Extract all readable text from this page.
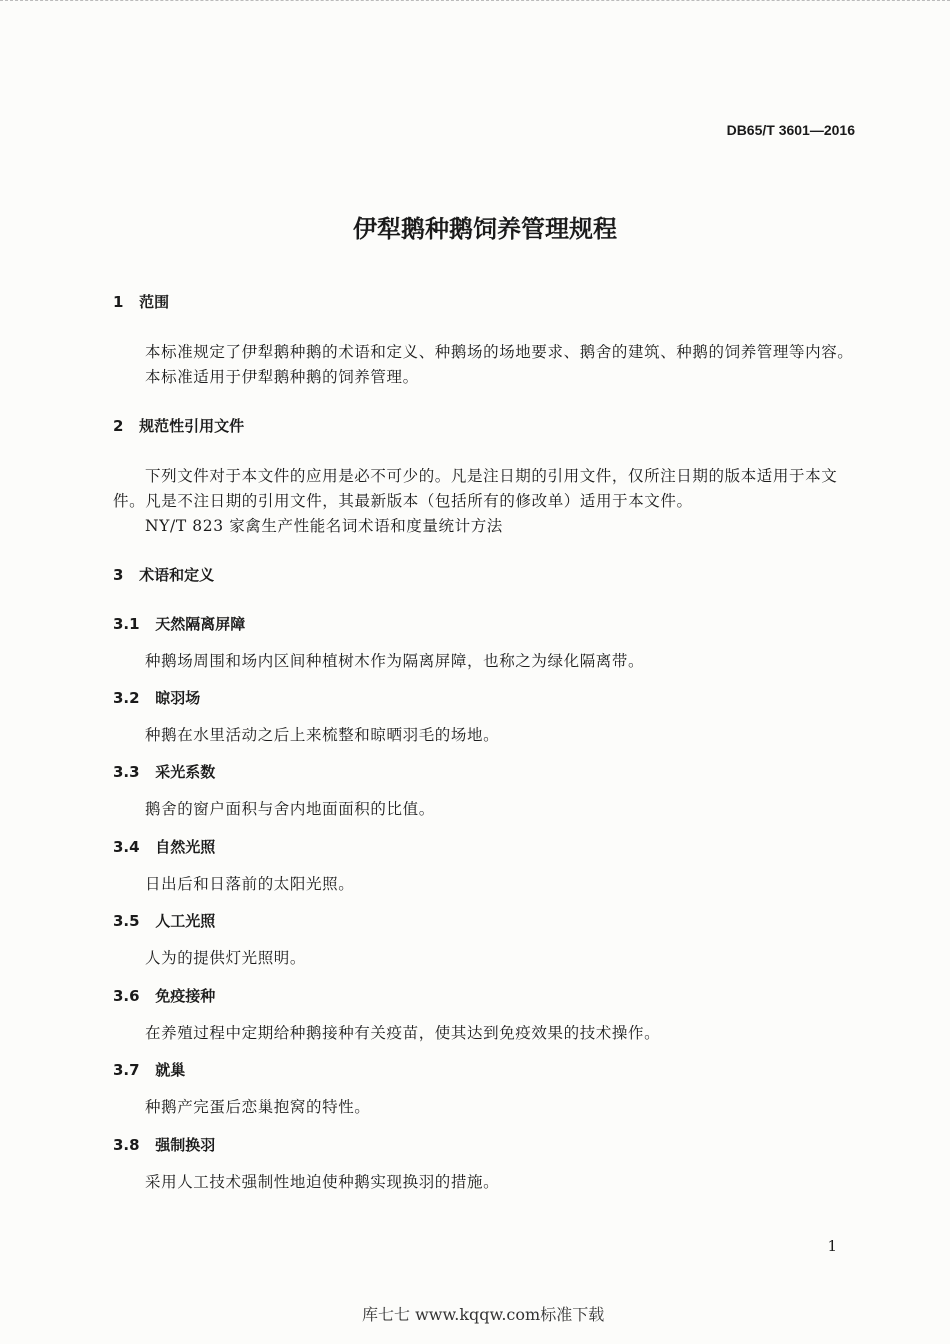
DB65/T 3601—2016
伊犁鹅种鹅饲养管理规程
1 范围
本标准规定了伊犁鹅种鹅的术语和定义、种鹅场的场地要求、鹅舍的建筑、种鹅的饲养管理等内容。
本标准适用于伊犁鹅种鹅的饲养管理。
2 规范性引用文件
下列文件对于本文件的应用是必不可少的。凡是注日期的引用文件，仅所注日期的版本适用于本文
件。凡是不注日期的引用文件，其最新版本（包括所有的修改单）适用于本文件。
NY/T 823 家禽生产性能名词术语和度量统计方法
3 术语和定义
3.1 天然隔离屏障
种鹅场周围和场内区间种植树木作为隔离屏障，也称之为绿化隔离带。
3.2 晾羽场
种鹅在水里活动之后上来梳整和晾晒羽毛的场地。
3.3 采光系数
鹅舍的窗户面积与舍内地面面积的比值。
3.4 自然光照
日出后和日落前的太阳光照。
3.5 人工光照
人为的提供灯光照明。
3.6 免疫接种
在养殖过程中定期给种鹅接种有关疫苗，使其达到免疫效果的技术操作。
3.7 就巢
种鹅产完蛋后恋巢抱窝的特性。
3.8 强制换羽
采用人工技术强制性地迫使种鹅实现换羽的措施。
1
库七七 www.kqqw.com标准下载
